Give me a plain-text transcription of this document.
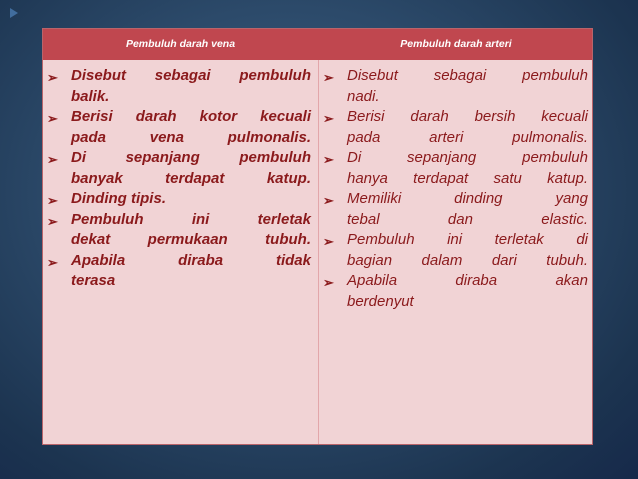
Pembuluh darah vena	Pembuluh darah arteri
➢ Disebut sebagai pembuluh
balik.
➢ Berisi darah kotor kecuali
pada vena pulmonalis.
➢ Di sepanjang pembuluh
banyak terdapat katup.
➢ Dinding tipis.
➢ Pembuluh ini terletak
dekat permukaan tubuh.
➢ Apabila diraba tidak
terasa
➢ Disebut sebagai pembuluh
nadi.
➢ Berisi darah bersih kecuali
pada arteri pulmonalis.
➢ Di sepanjang pembuluh
hanya terdapat satu katup.
➢ Memiliki dinding yang
tebal dan elastic.
➢ Pembuluh ini terletak di
bagian dalam dari tubuh.
➢ Apabila diraba akan
berdenyut
